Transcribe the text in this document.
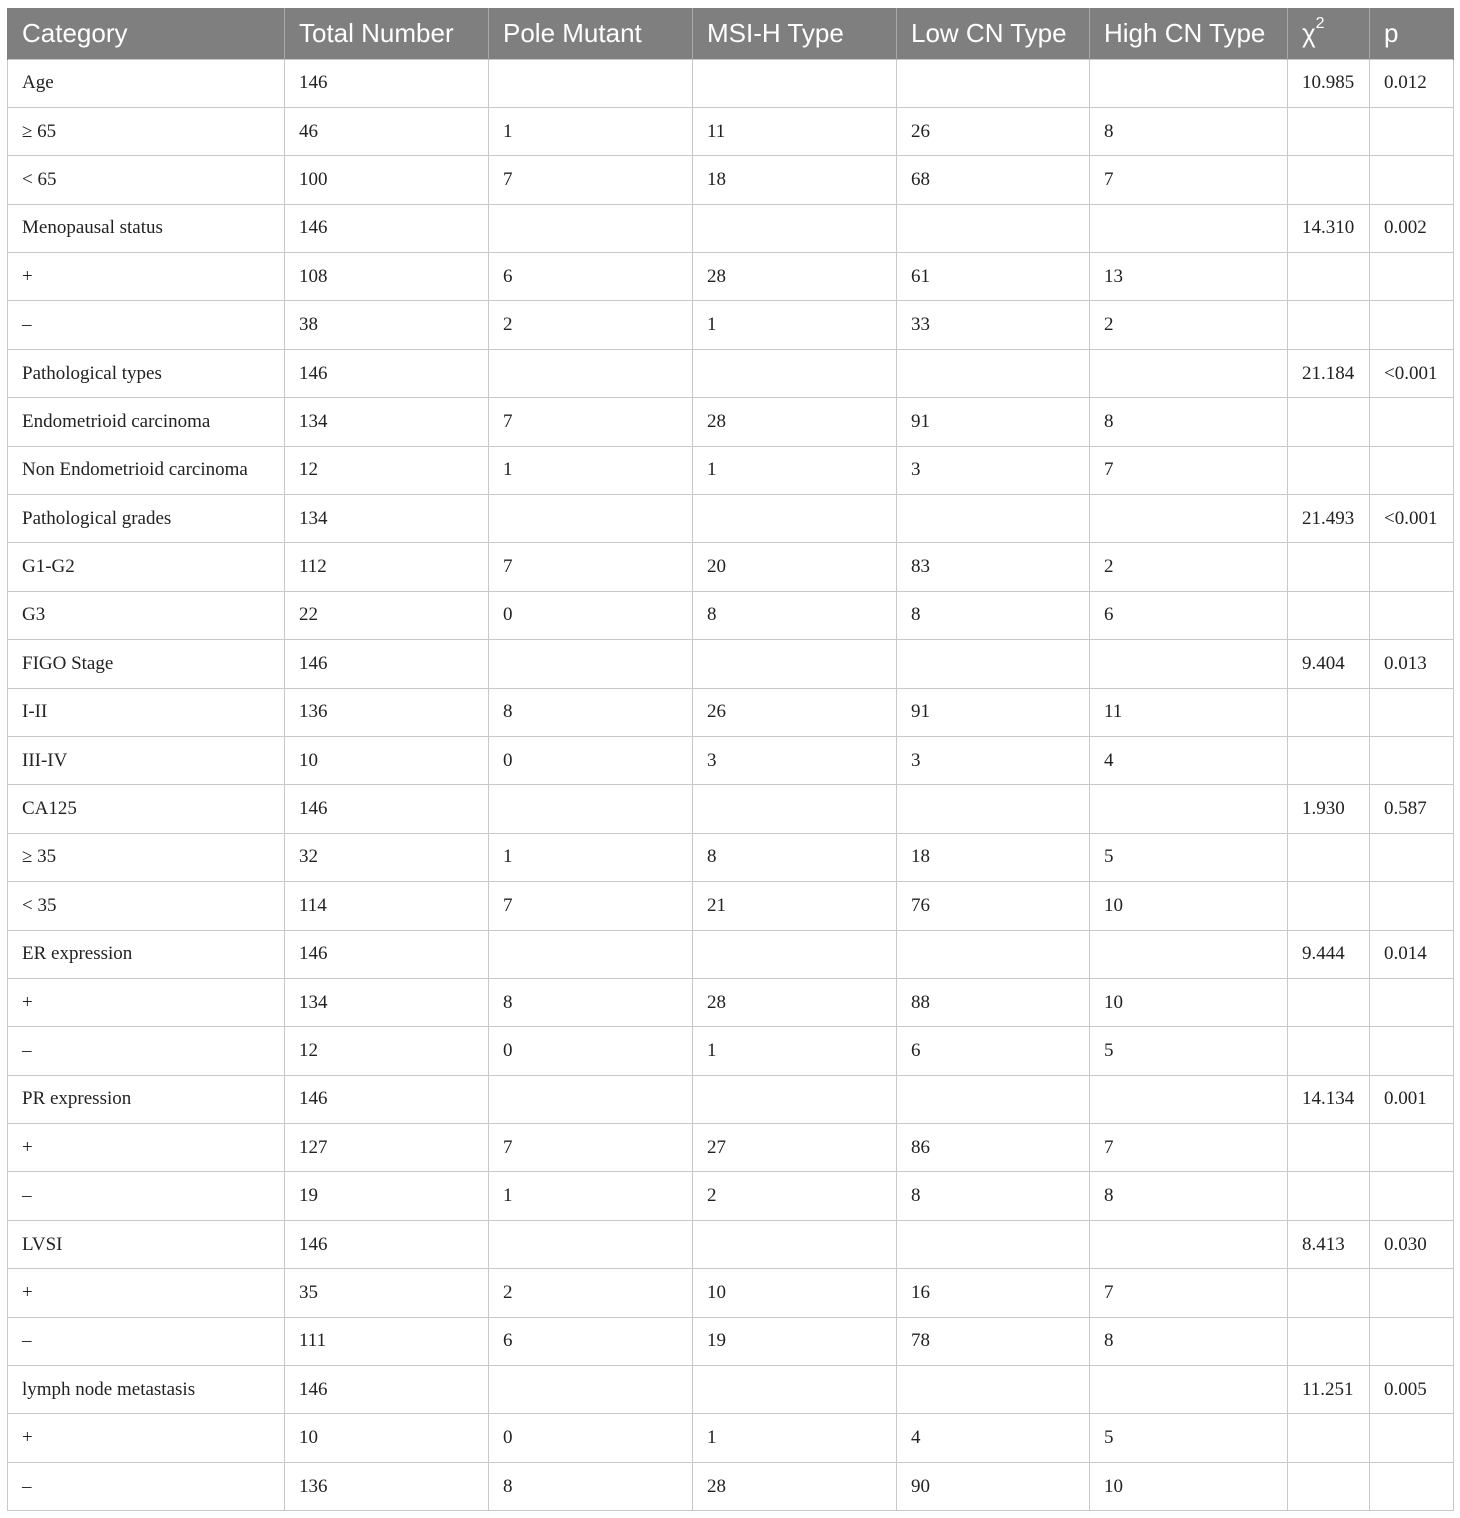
Category	Total Number	Pole Mutant	MSI-H Type	Low CN Type	High CN Type	$\chi^2$	p
Age	146					10.985	0.012
≥ 65	46	1	11	26	8		
< 65	100	7	18	68	7		
Menopausal status	146					14.310	0.002
+	108	6	28	61	13		
–	38	2	1	33	2		
Pathological types	146					21.184	<0.001
Endometrioid carcinoma	134	7	28	91	8		
Non Endometrioid carcinoma	12	1	1	3	7		
Pathological grades	134					21.493	<0.001
G1-G2	112	7	20	83	2		
G3	22	0	8	8	6		
FIGO Stage	146					9.404	0.013
I-II	136	8	26	91	11		
III-IV	10	0	3	3	4		
CA125	146					1.930	0.587
≥ 35	32	1	8	18	5		
< 35	114	7	21	76	10		
ER expression	146					9.444	0.014
+	134	8	28	88	10		
–	12	0	1	6	5		
PR expression	146					14.134	0.001
+	127	7	27	86	7		
–	19	1	2	8	8		
LVSI	146					8.413	0.030
+	35	2	10	16	7		
–	111	6	19	78	8		
lymph node metastasis	146					11.251	0.005
+	10	0	1	4	5		
–	136	8	28	90	10		
